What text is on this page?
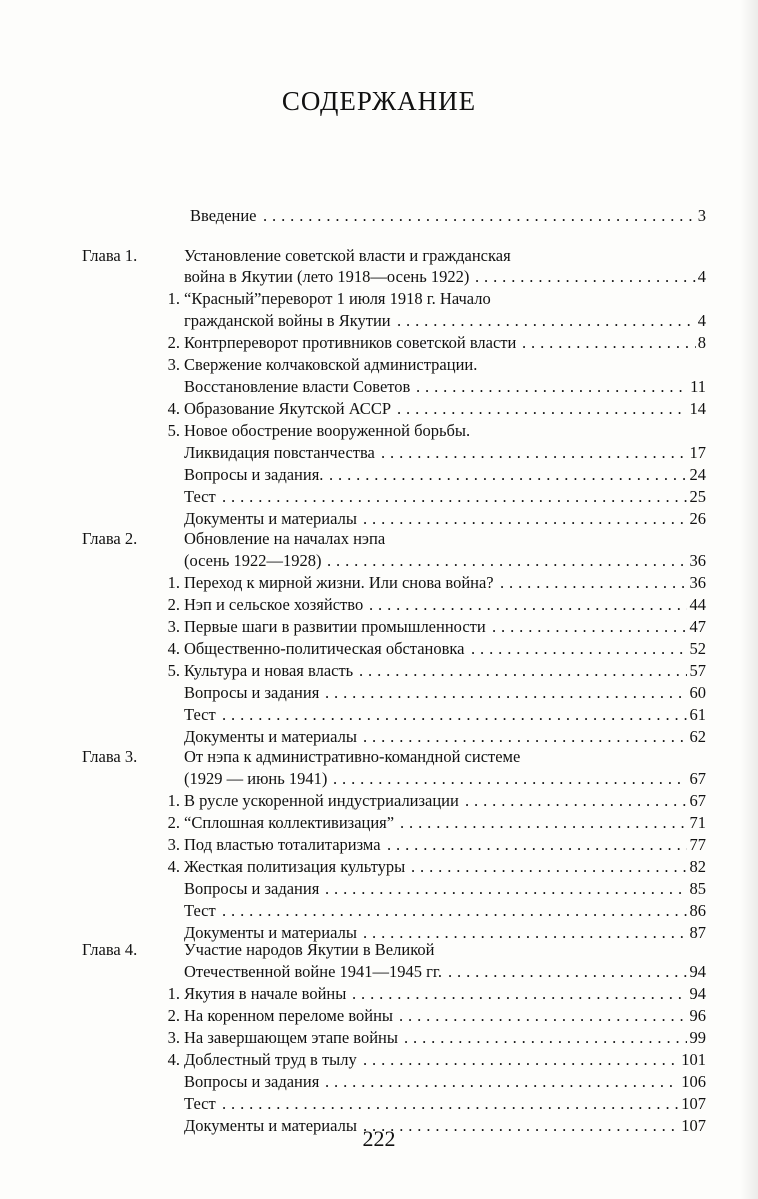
СОДЕРЖАНИЕ
Введение . . .	3
Глава 1.	Установление советской власти и гражданская
война в Якутии (лето 1918—осень 1922) . . .	4
1. “Красный”переворот 1 июля 1918 г. Начало
гражданской войны в Якутии . . .	4
2. Контрпереворот противников советской власти . . .	8
3. Свержение колчаковской администрации.
Восстановление власти Советов . . .	11
4. Образование Якутской АССР . . .	14
5. Новое обострение вооруженной борьбы.
Ликвидация повстанчества . . .	17
Вопросы и задания. . . .	24
Тест . . .	25
Документы и материалы . . .	26
Глава 2.	Обновление на началах нэпа
(осень 1922—1928) . . .	36
1. Переход к мирной жизни. Или снова война? . . .	36
2. Нэп и сельское хозяйство . . .	44
3. Первые шаги в развитии промышленности . . .	47
4. Общественно-политическая обстановка . . .	52
5. Культура и новая власть . . .	57
Вопросы и задания . . .	60
Тест . . .	61
Документы и материалы . . .	62
Глава 3.	От нэпа к административно-командной системе
(1929 — июнь 1941) . . .	67
1. В русле ускоренной индустриализации . . .	67
2. “Сплошная коллективизация” . . .	71
3. Под властью тоталитаризма . . .	77
4. Жесткая политизация культуры . . .	82
Вопросы и задания . . .	85
Тест . . .	86
Документы и материалы . . .	87
Глава 4.	Участие народов Якутии в Великой
Отечественной войне 1941—1945 гг. . . .	94
1. Якутия в начале войны . . .	94
2. На коренном переломе войны . . .	96
3. На завершающем этапе войны . . .	99
4. Доблестный труд в тылу . . .	101
Вопросы и задания . . .	106
Тест . . .	107
Документы и материалы . . .	107
222
